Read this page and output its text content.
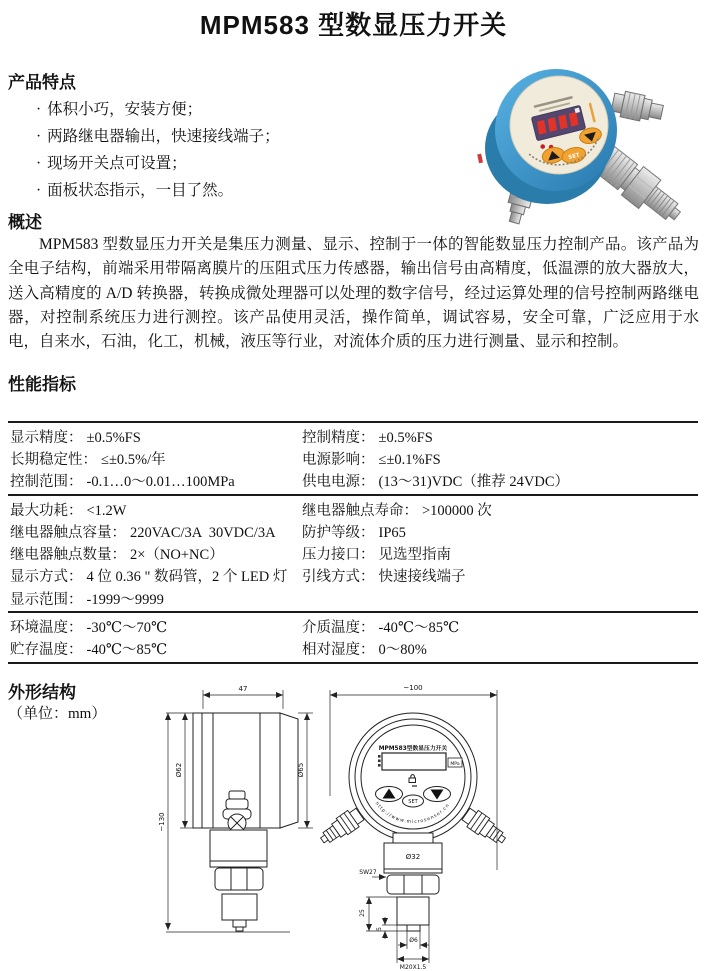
MPM583 型数显压力开关
产品特点
· 体积小巧，安装方便；
· 两路继电器输出，快速接线端子；
· 现场开关点可设置；
· 面板状态指示，一目了然。
SET
概述

MPM583 型数显压力开关是集压力测量、显示、控制于一体的智能数显压力控制产品。该产品为全电子结构，前端采用带隔离膜片的压阻式压力传感器，输出信号由高精度，低温漂的放大器放大，送入高精度的 A/D 转换器，转换成微处理器可以处理的数字信号，经过运算处理的信号控制两路继电器，对控制系统压力进行测控。该产品使用灵活，操作简单，调试容易，安全可靠，广泛应用于水电，自来水，石油，化工，机械，液压等行业，对流体介质的压力进行测量、显示和控制。

性能指标
显示精度： ±0.5%FS	控制精度： ±0.5%FS
长期稳定性： ≤±0.5%/年	电源影响： ≤±0.1%FS
控制范围： -0.1…0～0.01…100MPa	供电电源： (13～31)VDC（推荐 24VDC）
最大功耗： <1.2W	继电器触点寿命： >100000 次
继电器触点容量： 220VAC/3A  30VDC/3A	防护等级： IP65
继电器触点数量： 2×（NO+NC）	压力接口： 见选型指南
显示方式： 4 位 0.36 " 数码管，2 个 LED 灯	引线方式： 快速接线端子
显示范围： -1999～9999
环境温度： -30℃～70℃	介质温度： -40℃～85℃
贮存温度： -40℃～85℃	相对湿度： 0～80%
外形结构
（单位：mm）
47
Ø62	Ø65
~130
~100
MPM583型数显压力开关
MPa
SET
http://www.microsensor.cn
Ø32
SW27
25
5
Ø6
M20X1.5
